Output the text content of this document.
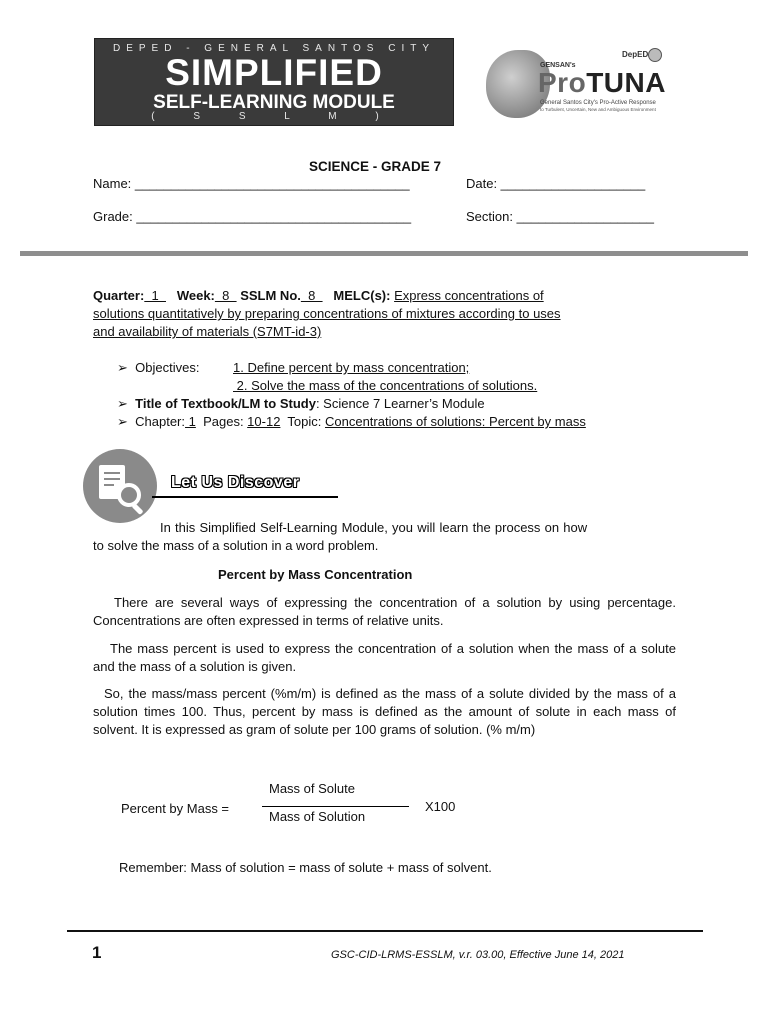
DEPED - GENERAL SANTOS CITY
SIMPLIFIED
SELF-LEARNING MODULE
( S S L M )
GENSAN's
DepED
ProTUNA
General Santos City's Pro-Active Response
to Turbulent, Uncertain, New and Ambiguous Environment
SCIENCE - GRADE 7
Name: ______________________________________	Date: ____________________
Grade: ______________________________________	Section: ___________________
Quarter:  1     Week:  8   SSLM No.  8     MELC(s): Express concentrations of
solutions quantitatively by preparing concentrations of mixtures according to uses
and availability of materials (S7MT-id-3)
➢ Objectives:	1. Define percent by mass concentration;
2. Solve the mass of the concentrations of solutions.
➢ Title of Textbook/LM to Study: Science 7 Learner’s Module
➢ Chapter: 1  Pages: 10-12  Topic: Concentrations of solutions: Percent by mass
Let Us Discover
In this Simplified Self-Learning Module, you will learn the process on how
to solve the mass of a solution in a word problem.
Percent by Mass Concentration
There are several ways of expressing the concentration of a solution by using percentage. Concentrations are often expressed in terms of relative units.
The mass percent is used to express the concentration of a solution when the mass of a solute and the mass of a solution is given.
So, the mass/mass percent (%m/m) is defined as the mass of a solute divided by the mass of a solution times 100. Thus, percent by mass is defined as the amount of solute in each mass of solvent. It is expressed as gram of solute per 100 grams of solution. (% m/m)
Mass of Solute
Percent by Mass =
Mass of Solution
X100
Remember: Mass of solution = mass of solute + mass of solvent.
1	GSC-CID-LRMS-ESSLM, v.r. 03.00, Effective June 14, 2021
